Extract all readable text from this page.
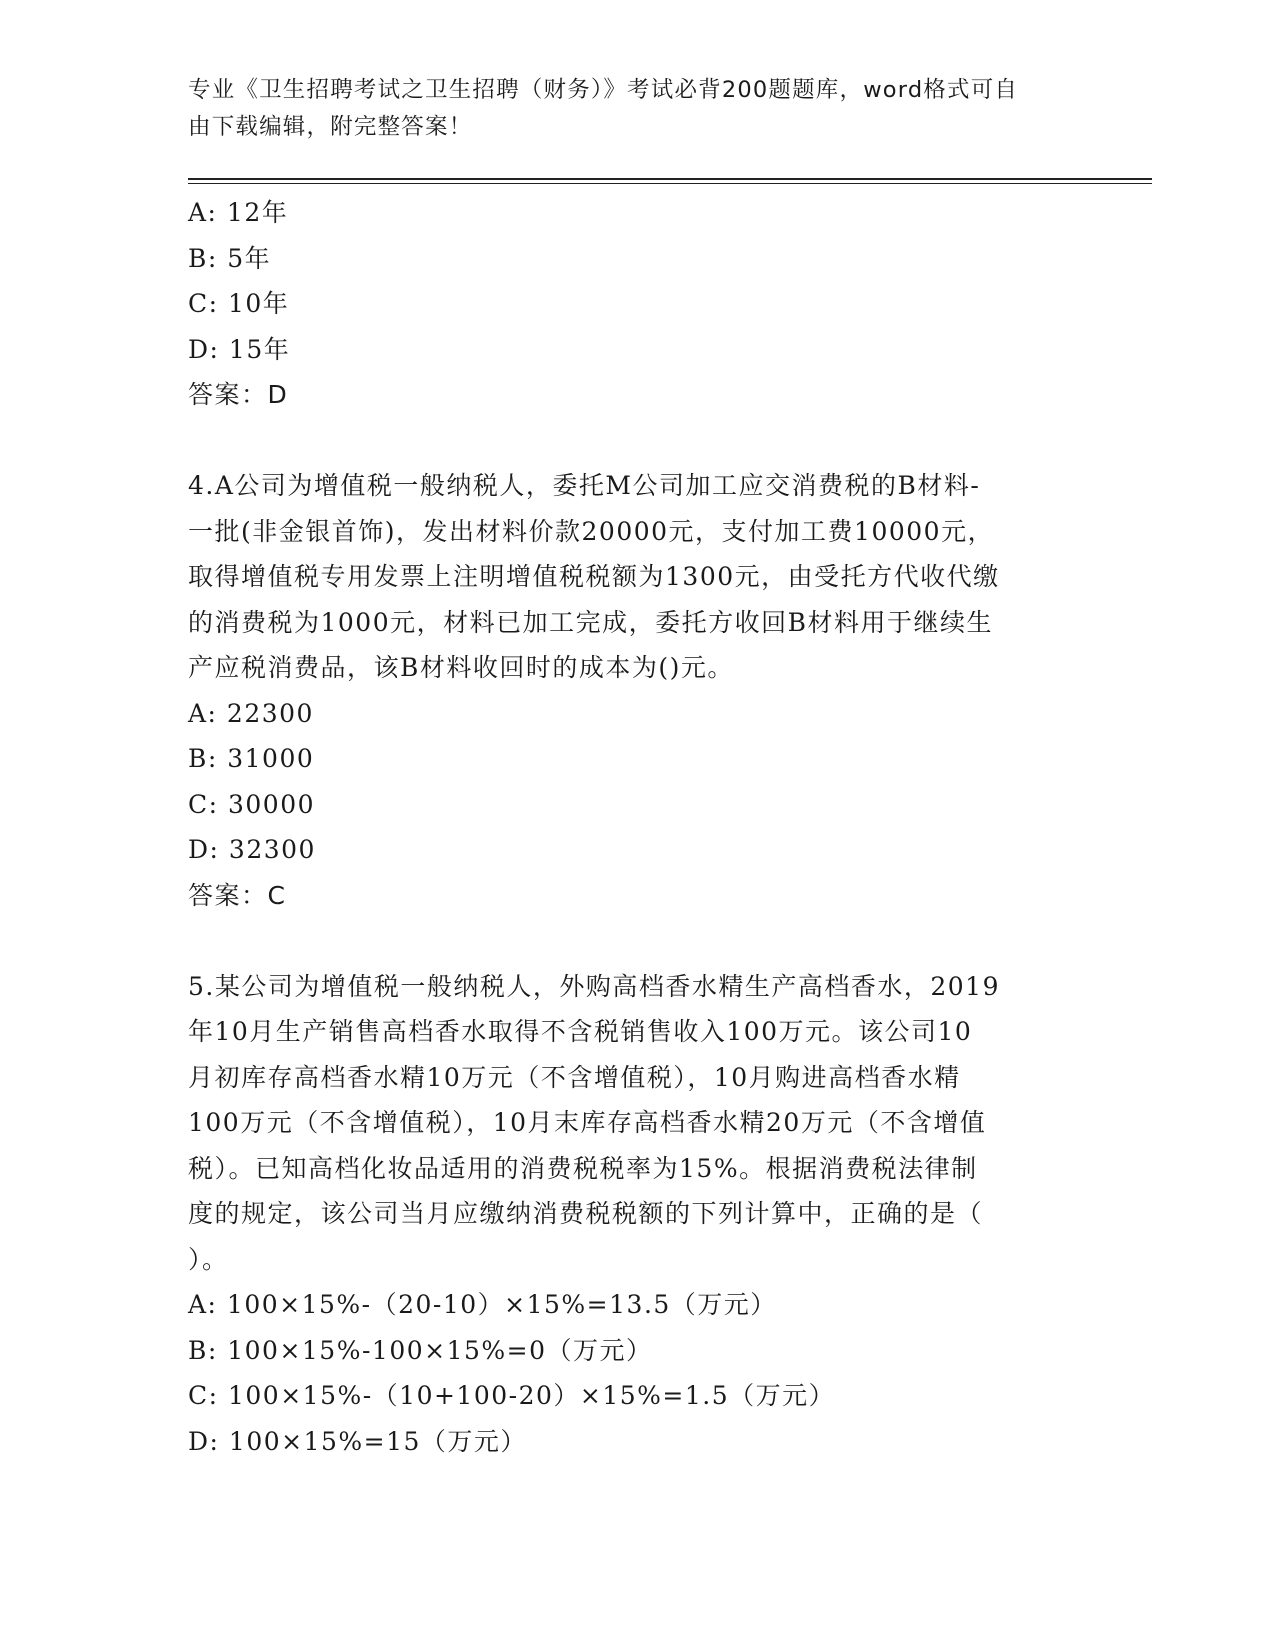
专业《卫生招聘考试之卫生招聘（财务）》考试必背200题题库，word格式可自
由下载编辑，附完整答案！
A: 12年
B: 5年
C: 10年
D: 15年
答案：D
4.A公司为增值税一般纳税人，委托M公司加工应交消费税的B材料-
一批(非金银首饰)，发出材料价款20000元，支付加工费10000元，
取得增值税专用发票上注明增值税税额为1300元，由受托方代收代缴
的消费税为1000元，材料已加工完成，委托方收回B材料用于继续生
产应税消费品，该B材料收回时的成本为()元。
A: 22300
B: 31000
C: 30000
D: 32300
答案：C
5.某公司为增值税一般纳税人，外购高档香水精生产高档香水，2019
年10月生产销售高档香水取得不含税销售收入100万元。该公司10
月初库存高档香水精10万元（不含增值税），10月购进高档香水精
100万元（不含增值税），10月末库存高档香水精20万元（不含增值
税）。已知高档化妆品适用的消费税税率为15%。根据消费税法律制
度的规定，该公司当月应缴纳消费税税额的下列计算中，正确的是（
）。
A: 100×15%-（20-10）×15%=13.5（万元）
B: 100×15%-100×15%=0（万元）
C: 100×15%-（10+100-20）×15%=1.5（万元）
D: 100×15%=15（万元）
